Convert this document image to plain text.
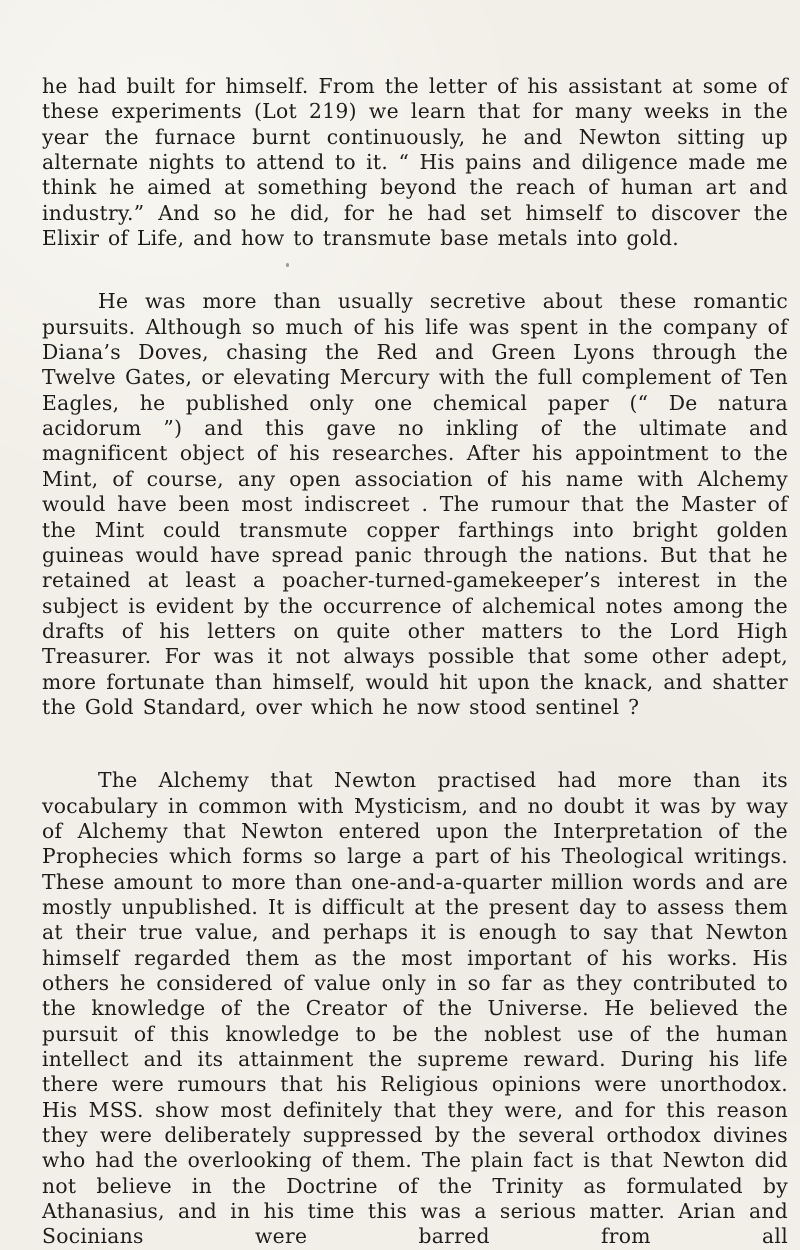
he had built for himself. From the letter of his assistant at some of these experiments (Lot 219) we learn that for many weeks in the year the furnace burnt continuously, he and Newton sitting up alternate nights to attend to it. “ His pains and diligence made me think he aimed at something beyond the reach of human art and industry.” And so he did, for he had set himself to discover the Elixir of Life, and how to transmute base metals into gold.

He was more than usually secretive about these romantic pursuits. Although so much of his life was spent in the company of Diana’s Doves, chasing the Red and Green Lyons through the Twelve Gates, or elevating Mercury with the full complement of Ten Eagles, he published only one chemical paper (“ De natura acidorum ”) and this gave no inkling of the ultimate and magnificent object of his researches. After his appointment to the Mint, of course, any open association of his name with Alchemy would have been most indiscreet . The rumour that the Master of the Mint could transmute copper farthings into bright golden guineas would have spread panic through the nations. But that he retained at least a poacher-turned-gamekeeper’s interest in the subject is evident by the occurrence of alchemical notes among the drafts of his letters on quite other matters to the Lord High Treasurer. For was it not always possible that some other adept, more fortunate than himself, would hit upon the knack, and shatter the Gold Standard, over which he now stood sentinel ?

The Alchemy that Newton practised had more than its vocabulary in common with Mysticism, and no doubt it was by way of Alchemy that Newton entered upon the Interpretation of the Prophecies which forms so large a part of his Theological writings. These amount to more than one-and-a-quarter million words and are mostly unpublished. It is difficult at the present day to assess them at their true value, and perhaps it is enough to say that Newton himself regarded them as the most important of his works. His others he considered of value only in so far as they contributed to the knowledge of the Creator of the Universe. He believed the pursuit of this knowledge to be the noblest use of the human intellect and its attainment the supreme reward. During his life there were rumours that his Religious opinions were unorthodox. His MSS. show most definitely that they were, and for this reason they were deliberately suppressed by the several orthodox divines who had the overlooking of them. The plain fact is that Newton did not believe in the Doctrine of the Trinity as formulated by Athanasius, and in his time this was a serious matter. Arian and Socinians were barred from all
